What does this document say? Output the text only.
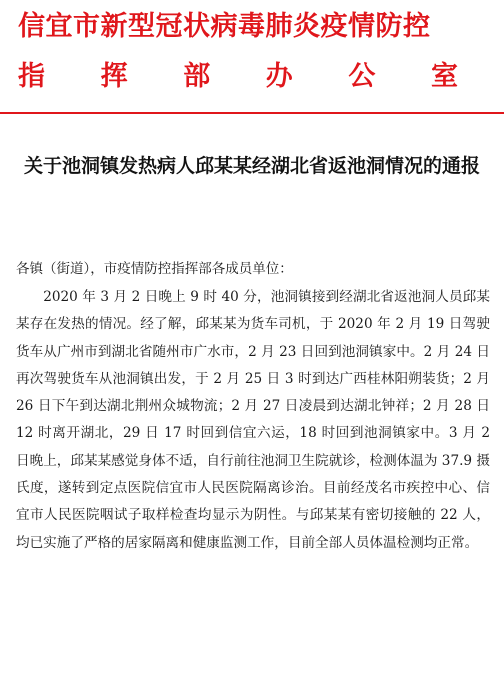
信宜市新型冠状病毒肺炎疫情防控
指 挥 部 办 公 室
关于池洞镇发热病人邱某某经湖北省返池洞情况的通报
各镇（街道），市疫情防控指挥部各成员单位：
2020 年 3 月 2 日晚上 9 时 40 分，池洞镇接到经湖北省返池洞人员邱某某存在发热的情况。经了解，邱某某为货车司机，于 2020 年 2 月 19 日驾驶货车从广州市到湖北省随州市广水市，2 月 23 日回到池洞镇家中。2 月 24 日再次驾驶货车从池洞镇出发，于 2 月 25 日 3 时到达广西桂林阳朔装货；2 月 26 日下午到达湖北荆州众城物流；2 月 27 日凌晨到达湖北钟祥；2 月 28 日 12 时离开湖北，29 日 17 时回到信宜六运，18 时回到池洞镇家中。3 月 2 日晚上，邱某某感觉身体不适，自行前往池洞卫生院就诊，检测体温为 37.9 摄氏度，遂转到定点医院信宜市人民医院隔离诊治。目前经茂名市疾控中心、信宜市人民医院咽试子取样检查均显示为阴性。与邱某某有密切接触的 22 人，均已实施了严格的居家隔离和健康监测工作，目前全部人员体温检测均正常。
